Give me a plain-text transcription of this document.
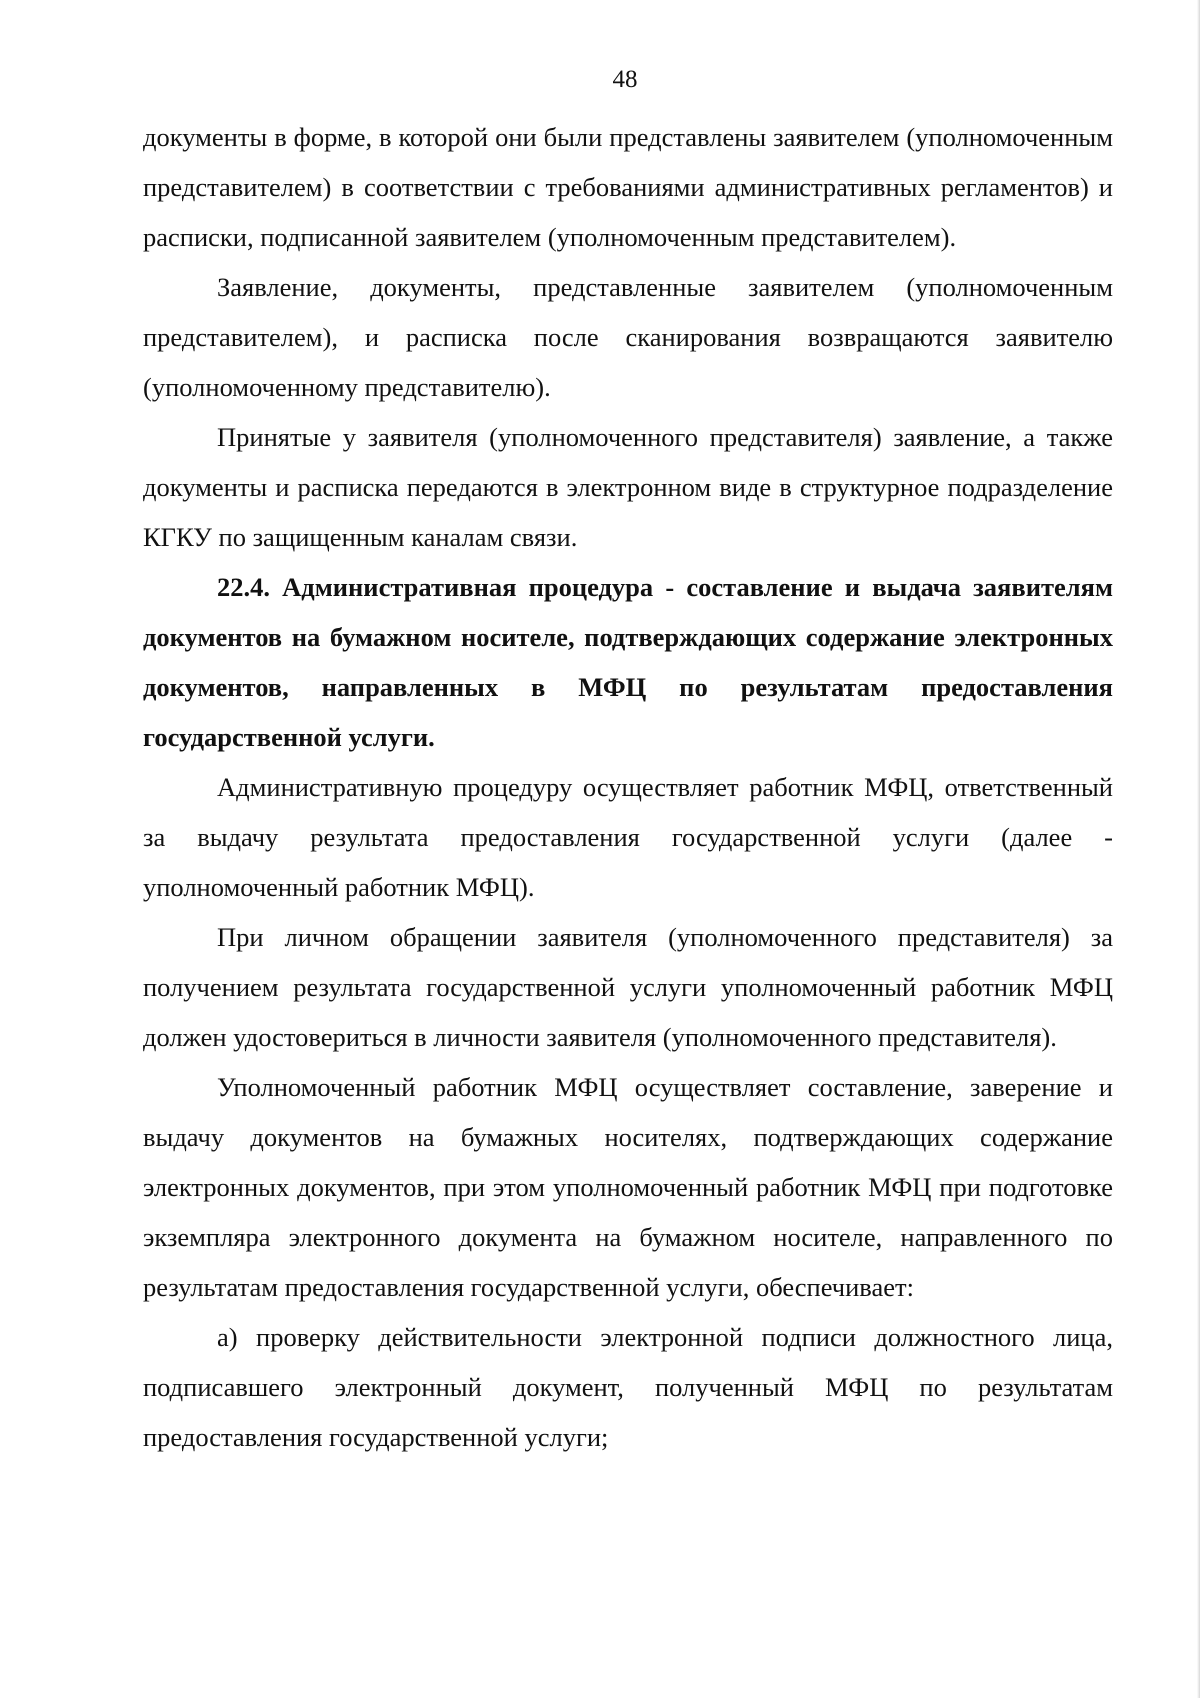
48

документы в форме, в которой они были представлены заявителем (уполномоченным представителем) в соответствии с требованиями административных регламентов) и расписки, подписанной заявителем (уполномоченным представителем).

Заявление, документы, представленные заявителем (уполномоченным представителем), и расписка после сканирования возвращаются заявителю (уполномоченному представителю).

Принятые у заявителя (уполномоченного представителя) заявление, а также документы и расписка передаются в электронном виде в структурное подразделение КГКУ по защищенным каналам связи.

22.4. Административная процедура - составление и выдача заявителям документов на бумажном носителе, подтверждающих содержание электронных документов, направленных в МФЦ по результатам предоставления государственной услуги.

Административную процедуру осуществляет работник МФЦ, ответственный за выдачу результата предоставления государственной услуги (далее - уполномоченный работник МФЦ).

При личном обращении заявителя (уполномоченного представителя) за получением результата государственной услуги уполномоченный работник МФЦ должен удостовериться в личности заявителя (уполномоченного представителя).

Уполномоченный работник МФЦ осуществляет составление, заверение и выдачу документов на бумажных носителях, подтверждающих содержание электронных документов, при этом уполномоченный работник МФЦ при подготовке экземпляра электронного документа на бумажном носителе, направленного по результатам предоставления государственной услуги, обеспечивает:

а) проверку действительности электронной подписи должностного лица, подписавшего электронный документ, полученный МФЦ по результатам предоставления государственной услуги;
